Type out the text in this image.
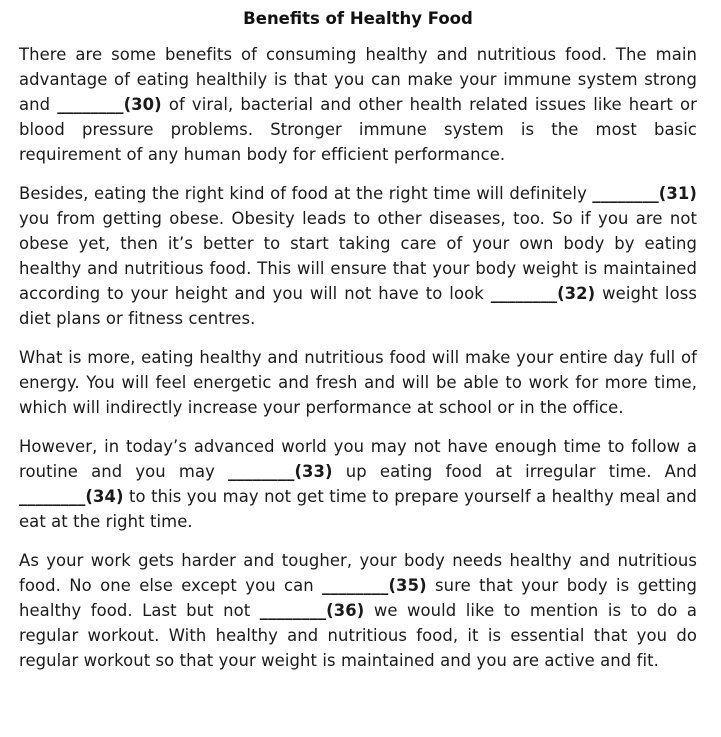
Benefits of Healthy Food

There are some benefits of consuming healthy and nutritious food. The main advantage of eating healthily is that you can make your immune system strong and ________(30) of viral, bacterial and other health related issues like heart or blood pressure problems. Stronger immune system is the most basic requirement of any human body for efficient performance.

Besides, eating the right kind of food at the right time will definitely ________(31) you from getting obese. Obesity leads to other diseases, too. So if you are not obese yet, then it’s better to start taking care of your own body by eating healthy and nutritious food. This will ensure that your body weight is maintained according to your height and you will not have to look ________(32) weight loss diet plans or fitness centres.

What is more, eating healthy and nutritious food will make your entire day full of energy. You will feel energetic and fresh and will be able to work for more time, which will indirectly increase your performance at school or in the office.

However, in today’s advanced world you may not have enough time to follow a routine and you may ________(33) up eating food at irregular time. And ________(34) to this you may not get time to prepare yourself a healthy meal and eat at the right time.

As your work gets harder and tougher, your body needs healthy and nutritious food. No one else except you can ________(35) sure that your body is getting healthy food. Last but not ________(36) we would like to mention is to do a regular workout. With healthy and nutritious food, it is essential that you do regular workout so that your weight is maintained and you are active and fit.
